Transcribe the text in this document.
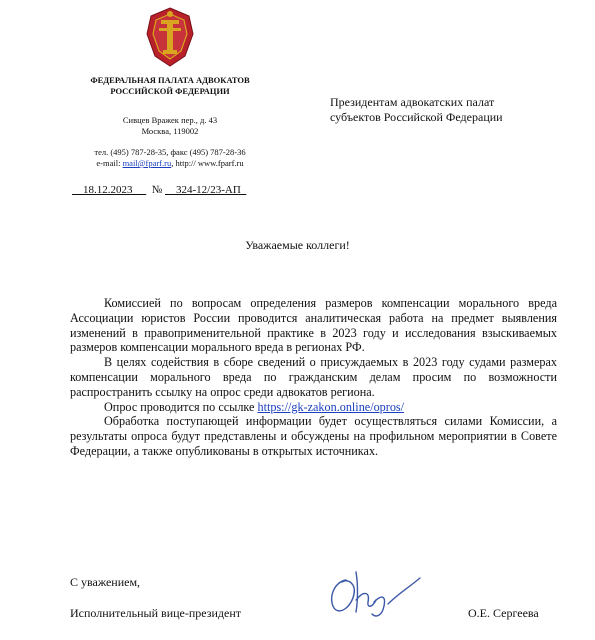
ФЕДЕРАЛЬНАЯ ПАЛАТА АДВОКАТОВ
РОССИЙСКОЙ ФЕДЕРАЦИИ
Сивцев Вражек пер., д. 43
Москва, 119002
тел. (495) 787-28-35, факс (495) 787-28-36
e-mail: mail@fparf.ru, http:// www.fparf.ru
Президентам адвокатских палат
субъектов Российской Федерации
18.12.2023 № 324-12/23-АП
Уважаемые коллеги!

Комиссией по вопросам определения размеров компенсации морального вреда Ассоциации юристов России проводится аналитическая работа на предмет выявления изменений в правоприменительной практике в 2023 году и исследования взыскиваемых размеров компенсации морального вреда в регионах РФ.

В целях содействия в сборе сведений о присуждаемых в 2023 году судами размерах компенсации морального вреда по гражданским делам просим по возможности распространить ссылку на опрос среди адвокатов региона.

Опрос проводится по ссылке https://gk-zakon.online/opros/

Обработка поступающей информации будет осуществляться силами Комиссии, а результаты опроса будут представлены и обсуждены на профильном мероприятии в Совете Федерации, а также опубликованы в открытых источниках.

С уважением,
Исполнительный вице-президент	О.Е. Сергеева
